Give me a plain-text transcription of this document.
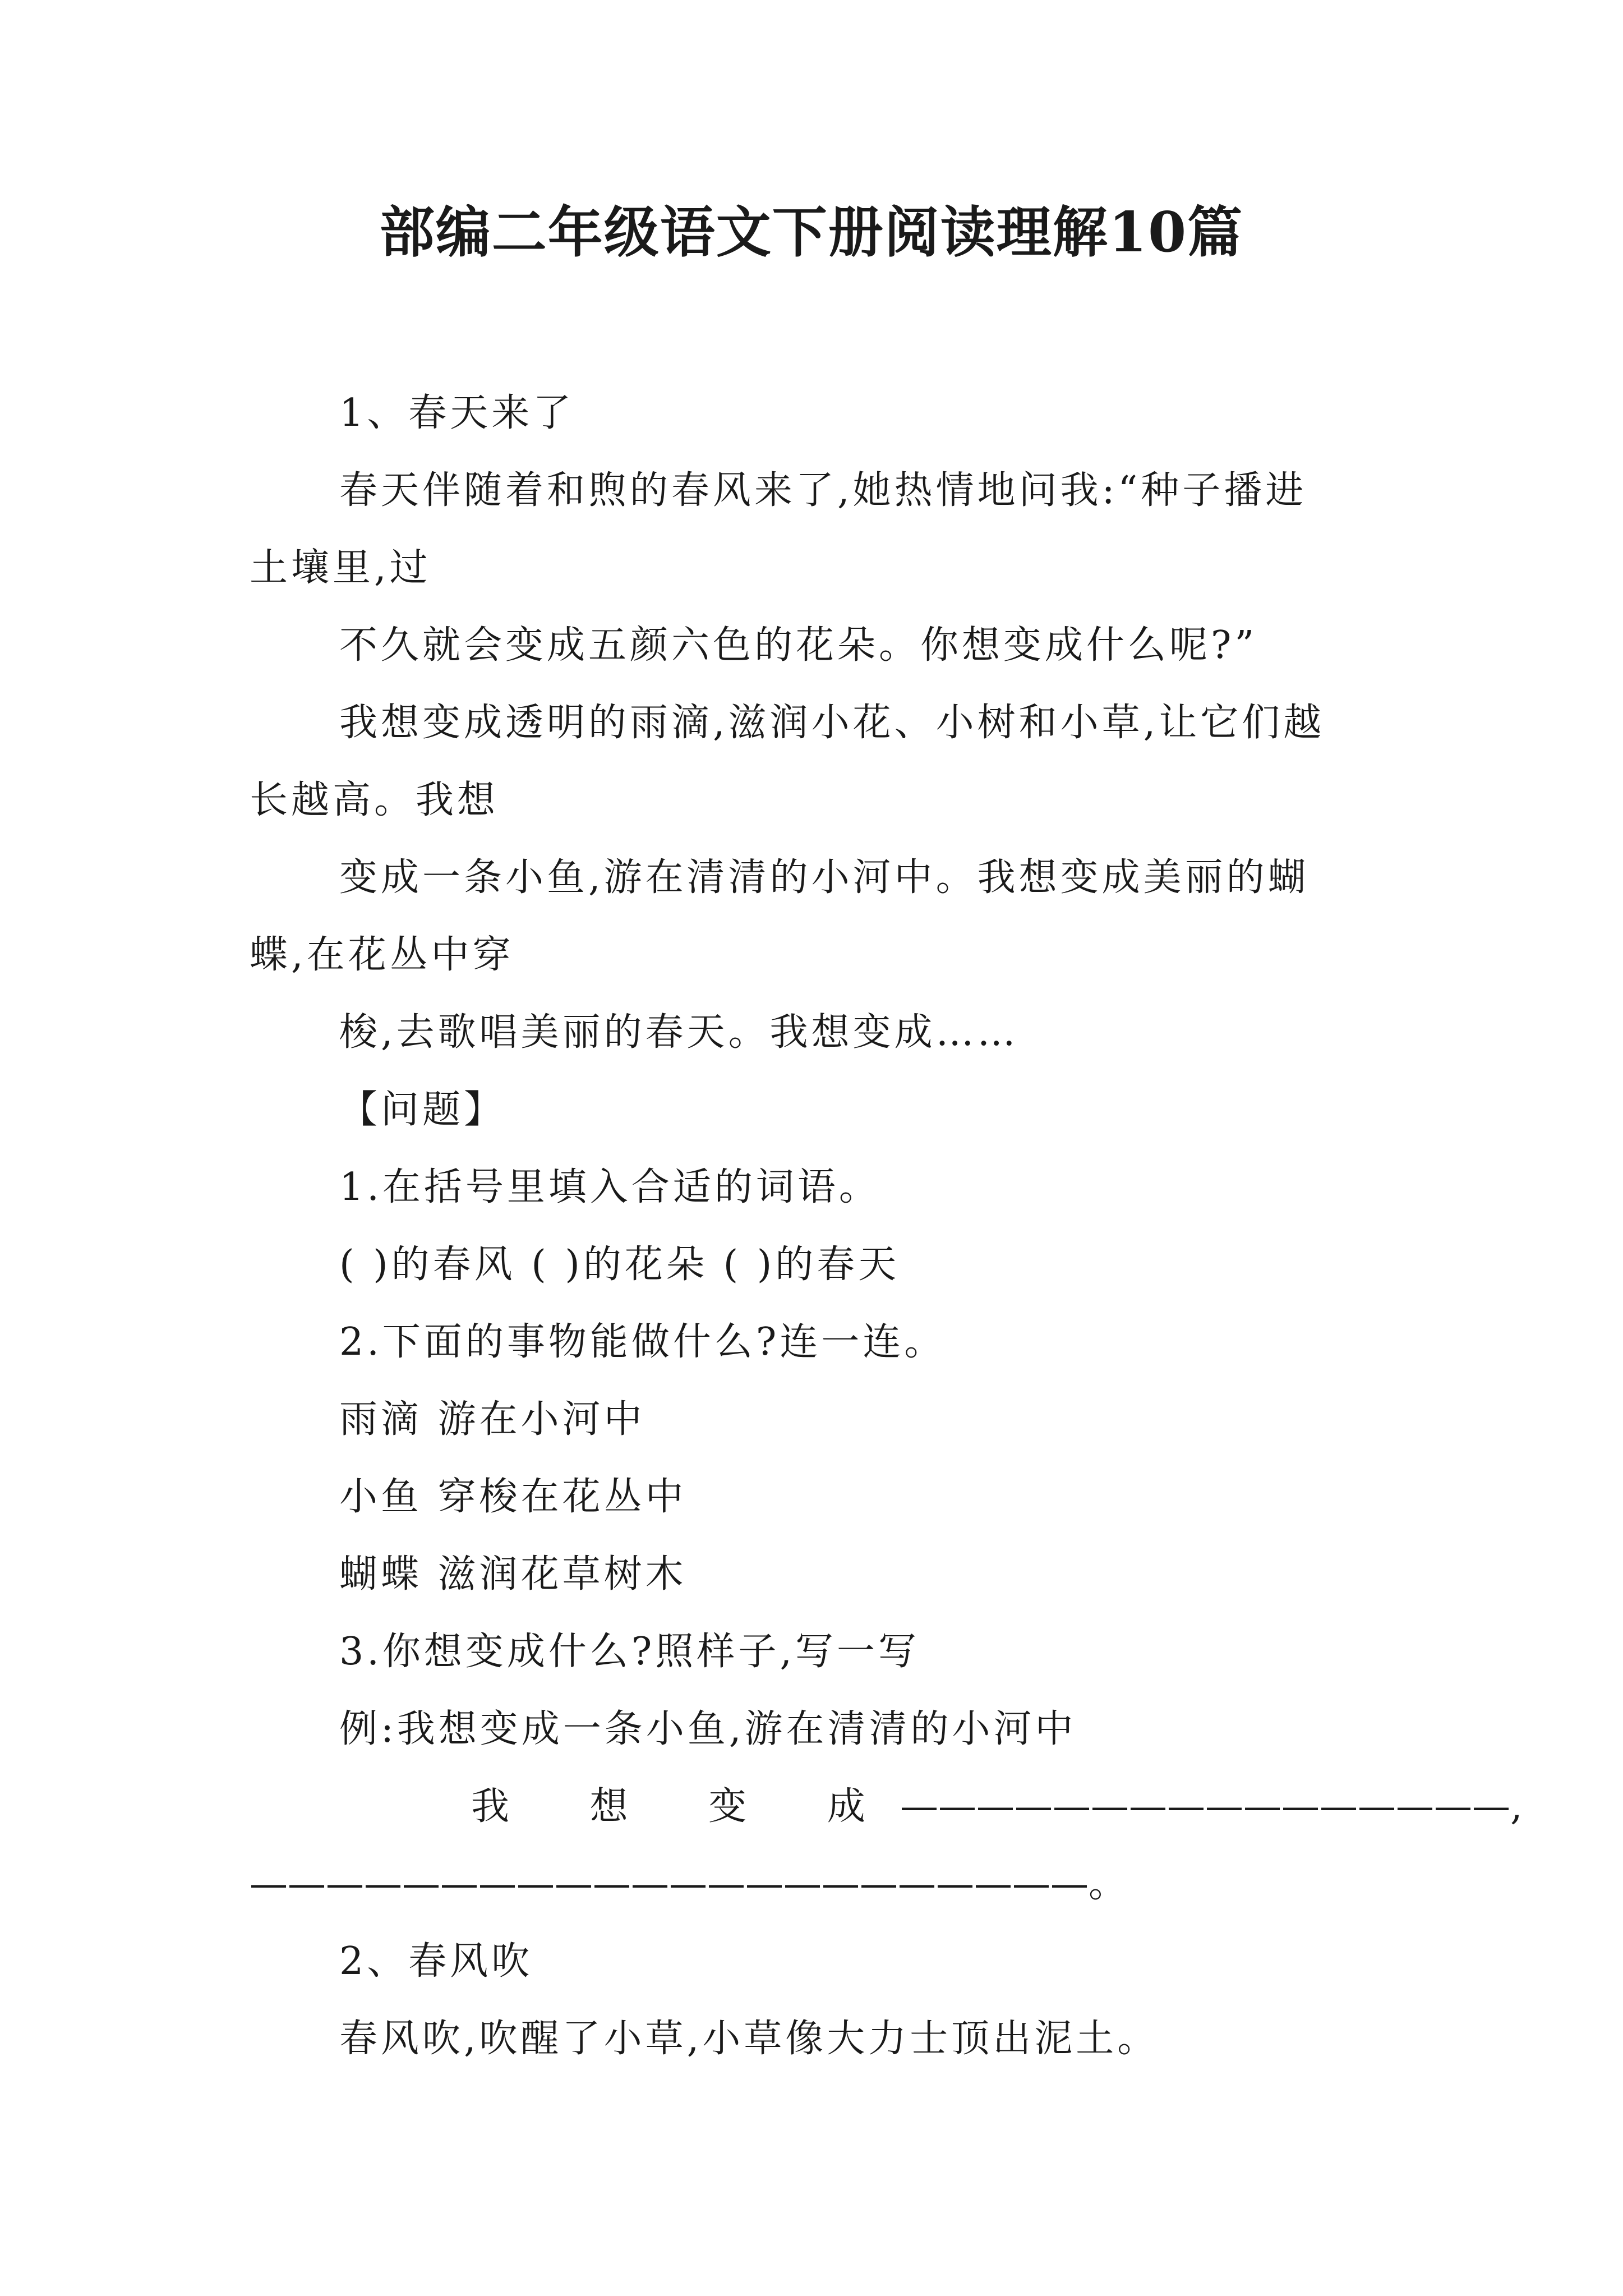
部编二年级语文下册阅读理解10篇
1、春天来了
春天伴随着和煦的春风来了,她热情地问我:“种子播进
土壤里,过
不久就会变成五颜六色的花朵。你想变成什么呢?”
我想变成透明的雨滴,滋润小花、小树和小草,让它们越
长越高。我想
变成一条小鱼,游在清清的小河中。我想变成美丽的蝴
蝶,在花丛中穿
梭,去歌唱美丽的春天。我想变成……
【问题】
1.在括号里填入合适的词语。
( )的春风 ( )的花朵 ( )的春天
2.下面的事物能做什么?连一连。
雨滴 游在小河中
小鱼 穿梭在花丛中
蝴蝶 滋润花草树木
3.你想变成什么?照样子,写一写
例:我想变成一条小鱼,游在清清的小河中
我 想 变 成 ————————————————,
——————————————————————。
2、春风吹
春风吹,吹醒了小草,小草像大力士顶出泥土。
